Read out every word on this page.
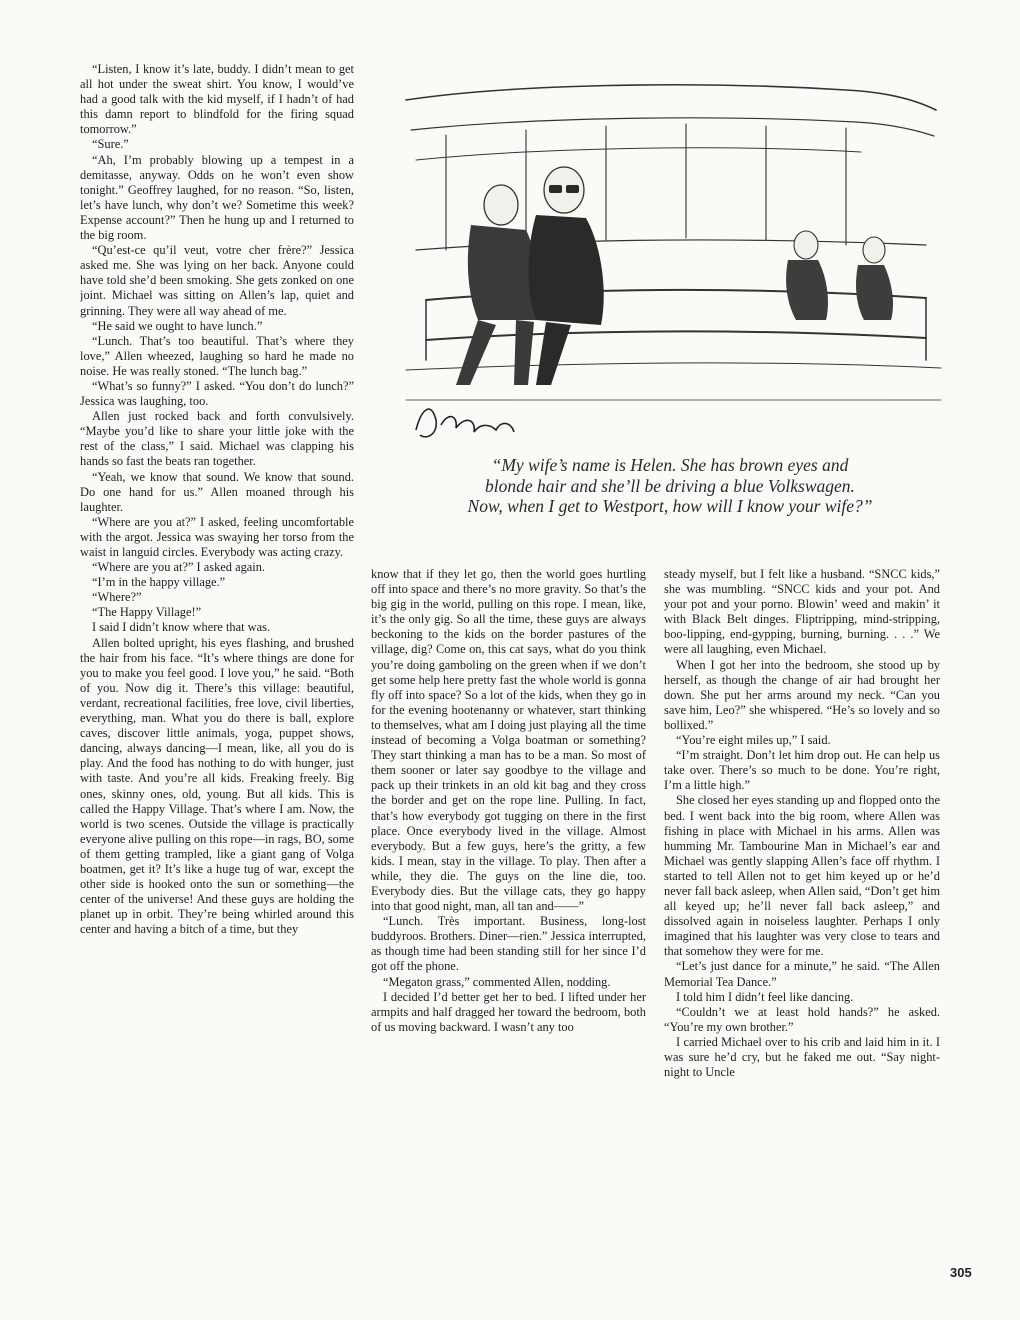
“Listen, I know it’s late, buddy. I didn’t mean to get all hot under the sweat shirt. You know, I would’ve had a good talk with the kid myself, if I hadn’t of had this damn report to blindfold for the firing squad tomorrow.”

“Sure.”

“Ah, I’m probably blowing up a tempest in a demitasse, anyway. Odds on he won’t even show tonight.” Geoffrey laughed, for no reason. “So, listen, let’s have lunch, why don’t we? Sometime this week? Expense account?” Then he hung up and I returned to the big room.

“Qu’est-ce qu’il veut, votre cher frère?” Jessica asked me. She was lying on her back. Anyone could have told she’d been smoking. She gets zonked on one joint. Michael was sitting on Allen’s lap, quiet and grinning. They were all way ahead of me.

“He said we ought to have lunch.”

“Lunch. That’s too beautiful. That’s where they love,” Allen wheezed, laughing so hard he made no noise. He was really stoned. “The lunch bag.”

“What’s so funny?” I asked. “You don’t do lunch?” Jessica was laughing, too.

Allen just rocked back and forth convulsively. “Maybe you’d like to share your little joke with the rest of the class,” I said. Michael was clapping his hands so fast the beats ran together.

“Yeah, we know that sound. We know that sound. Do one hand for us.” Allen moaned through his laughter.

“Where are you at?” I asked, feeling uncomfortable with the argot. Jessica was swaying her torso from the waist in languid circles. Everybody was acting crazy.

“Where are you at?” I asked again.

“I’m in the happy village.”

“Where?”

“The Happy Village!”

I said I didn’t know where that was.

Allen bolted upright, his eyes flashing, and brushed the hair from his face. “It’s where things are done for you to make you feel good. I love you,” he said. “Both of you. Now dig it. There’s this village: beautiful, verdant, recreational facilities, free love, civil liberties, everything, man. What you do there is ball, explore caves, discover little animals, yoga, puppet shows, dancing, always dancing—I mean, like, all you do is play. And the food has nothing to do with hunger, just with taste. And you’re all kids. Freaking freely. Big ones, skinny ones, old, young. But all kids. This is called the Happy Village. That’s where I am. Now, the world is two scenes. Outside the village is practically everyone alive pulling on this rope—in rags, BO, some of them getting trampled, like a giant gang of Volga boatmen, get it? It’s like a huge tug of war, except the other side is hooked onto the sun or something—the center of the universe! And these guys are holding the planet up in orbit. They’re being whirled around this center and having a bitch of a time, but they

“My wife’s name is Helen. She has brown eyes and
blonde hair and she’ll be driving a blue Volkswagen.
Now, when I get to Westport, how will I know your wife?”

know that if they let go, then the world goes hurtling off into space and there’s no more gravity. So that’s the big gig in the world, pulling on this rope. I mean, like, it’s the only gig. So all the time, these guys are always beckoning to the kids on the border pastures of the village, dig? Come on, this cat says, what do you think you’re doing gamboling on the green when if we don’t get some help here pretty fast the whole world is gonna fly off into space? So a lot of the kids, when they go in for the evening hootenanny or whatever, start thinking to themselves, what am I doing just playing all the time instead of becoming a Volga boatman or something? They start thinking a man has to be a man. So most of them sooner or later say goodbye to the village and pack up their trinkets in an old kit bag and they cross the border and get on the rope line. Pulling. In fact, that’s how everybody got tugging on there in the first place. Once everybody lived in the village. Almost everybody. But a few guys, here’s the gritty, a few kids. I mean, stay in the village. To play. Then after a while, they die. The guys on the line die, too. Everybody dies. But the village cats, they go happy into that good night, man, all tan and——”

“Lunch. Très important. Business, long-lost buddyroos. Brothers. Diner—rien.” Jessica interrupted, as though time had been standing still for her since I’d got off the phone.

“Megaton grass,” commented Allen, nodding.

I decided I’d better get her to bed. I lifted under her armpits and half dragged her toward the bedroom, both of us moving backward. I wasn’t any too

steady myself, but I felt like a husband. “SNCC kids,” she was mumbling. “SNCC kids and your pot. And your pot and your porno. Blowin’ weed and makin’ it with Black Belt dinges. Fliptripping, mind-stripping, boo-lipping, end-gypping, burning, burning. . . .” We were all laughing, even Michael.

When I got her into the bedroom, she stood up by herself, as though the change of air had brought her down. She put her arms around my neck. “Can you save him, Leo?” she whispered. “He’s so lovely and so bollixed.”

“You’re eight miles up,” I said.

“I’m straight. Don’t let him drop out. He can help us take over. There’s so much to be done. You’re right, I’m a little high.”

She closed her eyes standing up and flopped onto the bed. I went back into the big room, where Allen was fishing in place with Michael in his arms. Allen was humming Mr. Tambourine Man in Michael’s ear and Michael was gently slapping Allen’s face off rhythm. I started to tell Allen not to get him keyed up or he’d never fall back asleep, when Allen said, “Don’t get him all keyed up; he’ll never fall back asleep,” and dissolved again in noiseless laughter. Perhaps I only imagined that his laughter was very close to tears and that somehow they were for me.

“Let’s just dance for a minute,” he said. “The Allen Memorial Tea Dance.”

I told him I didn’t feel like dancing.

“Couldn’t we at least hold hands?” he asked. “You’re my own brother.”

I carried Michael over to his crib and laid him in it. I was sure he’d cry, but he faked me out. “Say night-night to Uncle

305
